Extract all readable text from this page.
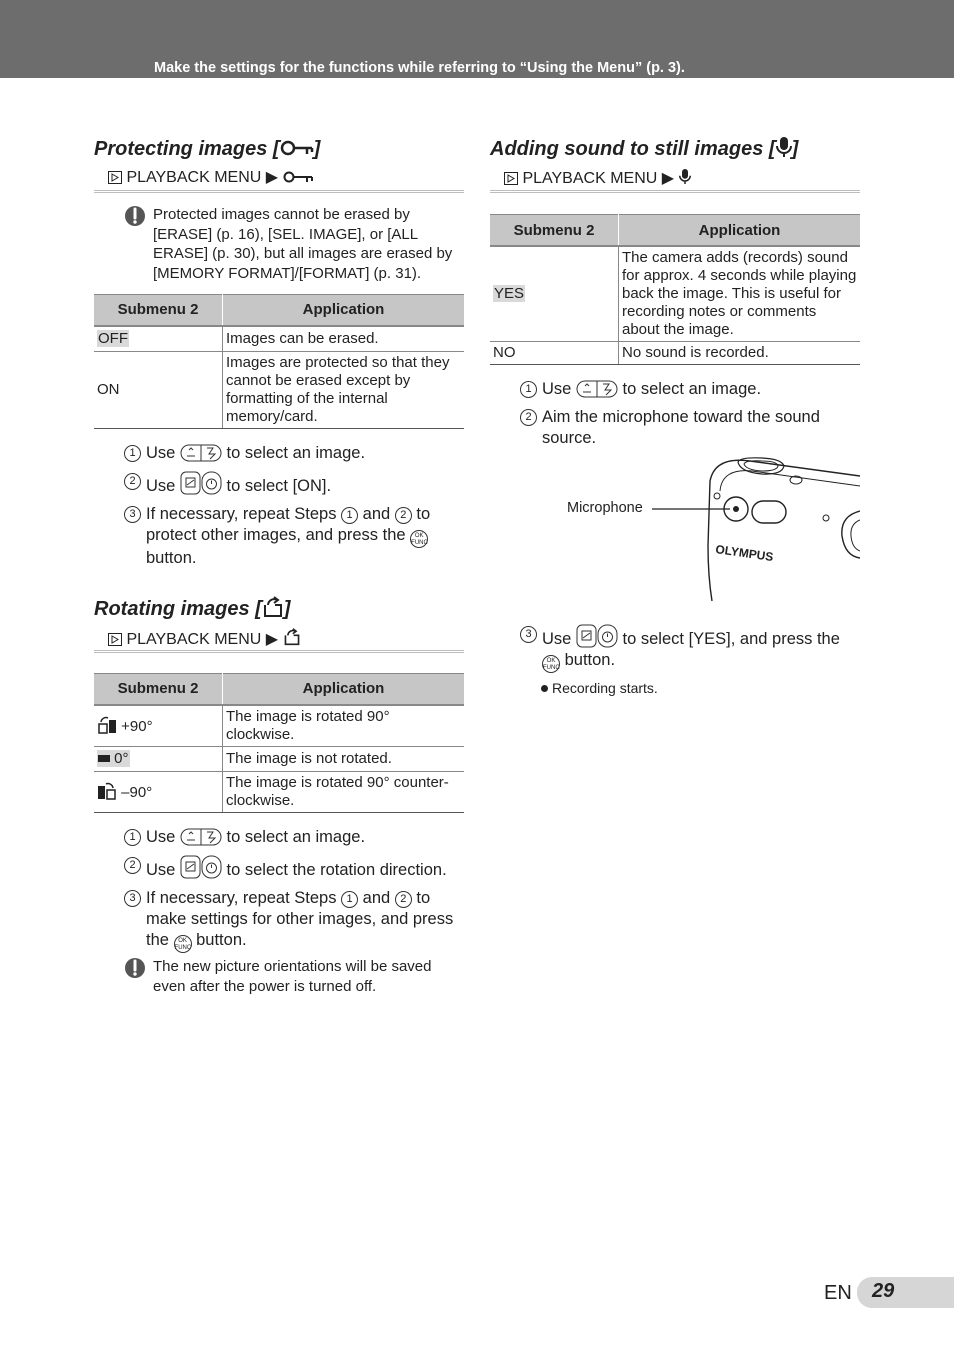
Make the settings for the functions while referring to “Using the Menu” (p. 3).
Protecting images [ ]
PLAYBACK MENU ▶
Protected images cannot be erased by [ERASE] (p. 16), [SEL. IMAGE], or [ALL ERASE] (p. 30), but all images are erased by [MEMORY FORMAT]/[FORMAT] (p. 31).
Submenu 2	Application
OFF	Images can be erased.
ON	Images are protected so that they cannot be erased except by formatting of the internal memory/card.
1 Use	to select an image.
2 Use	to select [ON].
3 If necessary, repeat Steps 1 and 2 to protect other images, and press the OK
FUNC button.
Rotating images [ ]
PLAYBACK MENU ▶
Submenu 2	Application
+90°	The image is rotated 90° clockwise.
0°	The image is not rotated.
–90°	The image is rotated 90° counter-clockwise.
1 Use	to select an image.
2 Use	to select the rotation direction.
3 If necessary, repeat Steps 1 and 2 to make settings for other images, and press the OK
FUNC button.
The new picture orientations will be saved even after the power is turned off.
Adding sound to still images [ ]
PLAYBACK MENU ▶
Submenu 2	Application
YES	The camera adds (records) sound for approx. 4 seconds while playing back the image. This is useful for recording notes or comments about the image.
NO	No sound is recorded.
1 Use	to select an image.
2 Aim the microphone toward the sound source.
Microphone
OLYMPUS
3 Use	to select [YES], and press the OK
FUNC button.
Recording starts.
EN 29
